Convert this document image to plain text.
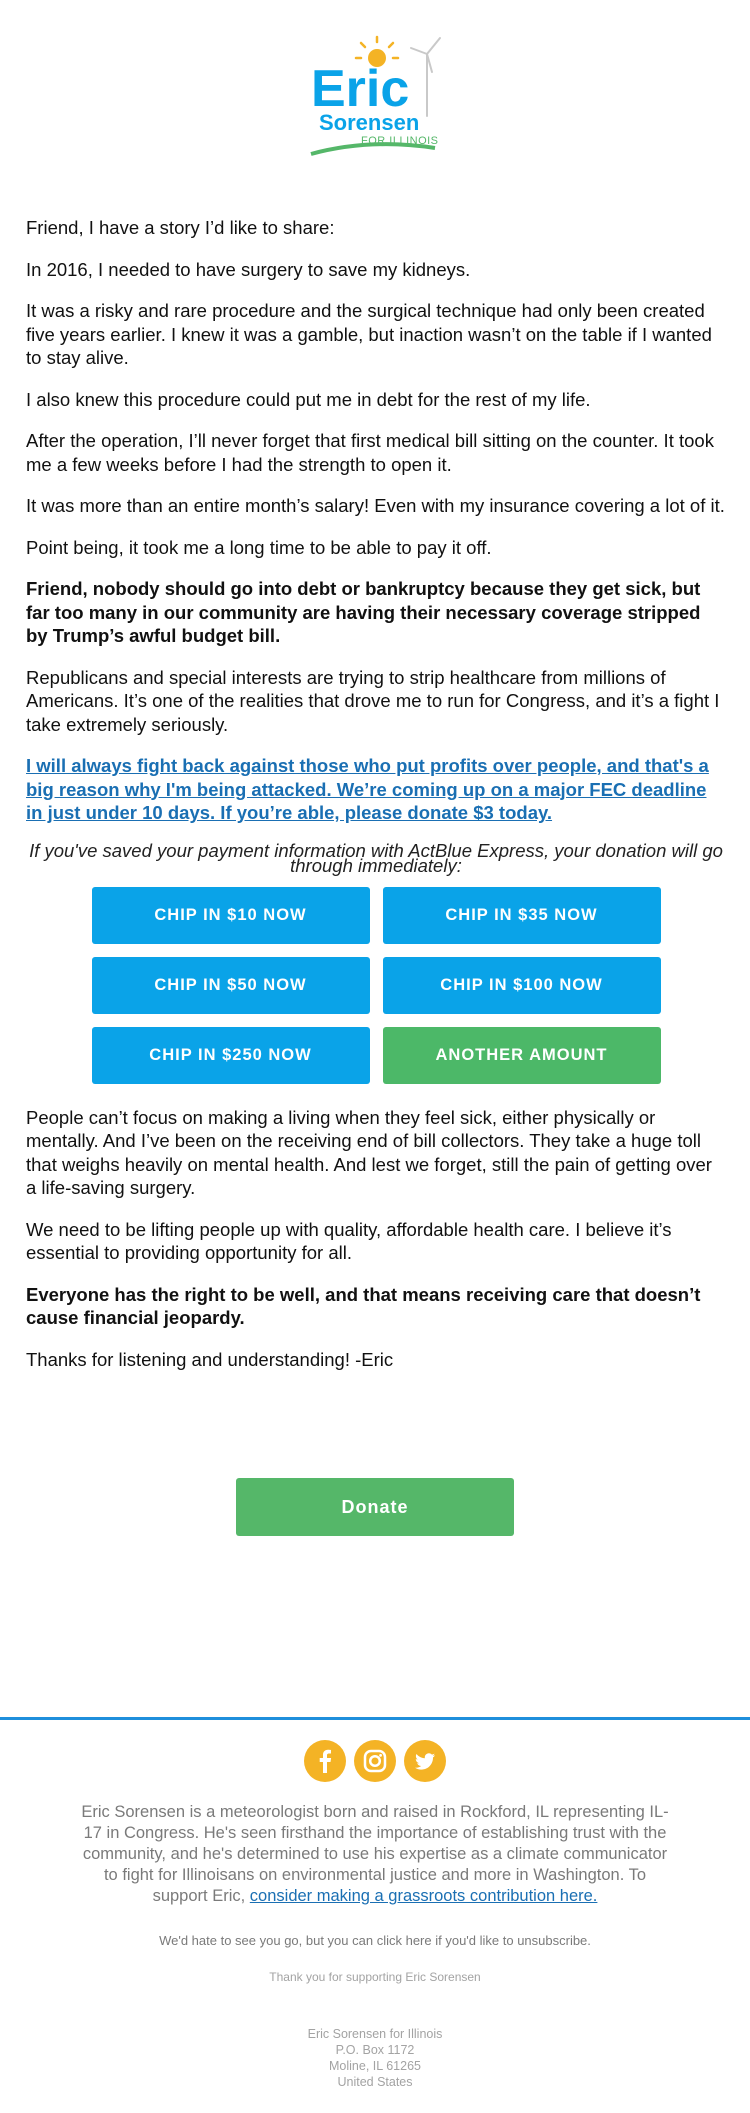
Eric
Sorensen
FOR ILLINOIS

Friend, I have a story I’d like to share:

In 2016, I needed to have surgery to save my kidneys.

It was a risky and rare procedure and the surgical technique had only been created five years earlier. I knew it was a gamble, but inaction wasn’t on the table if I wanted to stay alive.

I also knew this procedure could put me in debt for the rest of my life.

After the operation, I’ll never forget that first medical bill sitting on the counter. It took me a few weeks before I had the strength to open it.

It was more than an entire month’s salary! Even with my insurance covering a lot of it.

Point being, it took me a long time to be able to pay it off.

Friend, nobody should go into debt or bankruptcy because they get sick, but far too many in our community are having their necessary coverage stripped by Trump’s awful budget bill.

Republicans and special interests are trying to strip healthcare from millions of Americans. It’s one of the realities that drove me to run for Congress, and it’s a fight I take extremely seriously.

I will always fight back against those who put profits over people, and that's a big reason why I'm being attacked. We’re coming up on a major FEC deadline in just under 10 days. If you’re able, please donate $3 today.

If you've saved your payment information with ActBlue Express, your donation will go through immediately:

CHIP IN $10 NOW	CHIP IN $35 NOW
CHIP IN $50 NOW	CHIP IN $100 NOW
CHIP IN $250 NOW	ANOTHER AMOUNT

People can’t focus on making a living when they feel sick, either physically or mentally. And I’ve been on the receiving end of bill collectors. They take a huge toll that weighs heavily on mental health. And lest we forget, still the pain of getting over a life-saving surgery.

We need to be lifting people up with quality, affordable health care. I believe it’s essential to providing opportunity for all.

Everyone has the right to be well, and that means receiving care that doesn’t cause financial jeopardy.

Thanks for listening and understanding! -Eric

Donate
Eric Sorensen is a meteorologist born and raised in Rockford, IL representing IL-17 in Congress. He's seen firsthand the importance of establishing trust with the community, and he's determined to use his expertise as a climate communicator to fight for Illinoisans on environmental justice and more in Washington. To support Eric, consider making a grassroots contribution here.
We'd hate to see you go, but you can click here if you'd like to unsubscribe.
Thank you for supporting Eric Sorensen
Eric Sorensen for Illinois
P.O. Box 1172
Moline, IL 61265
United States
